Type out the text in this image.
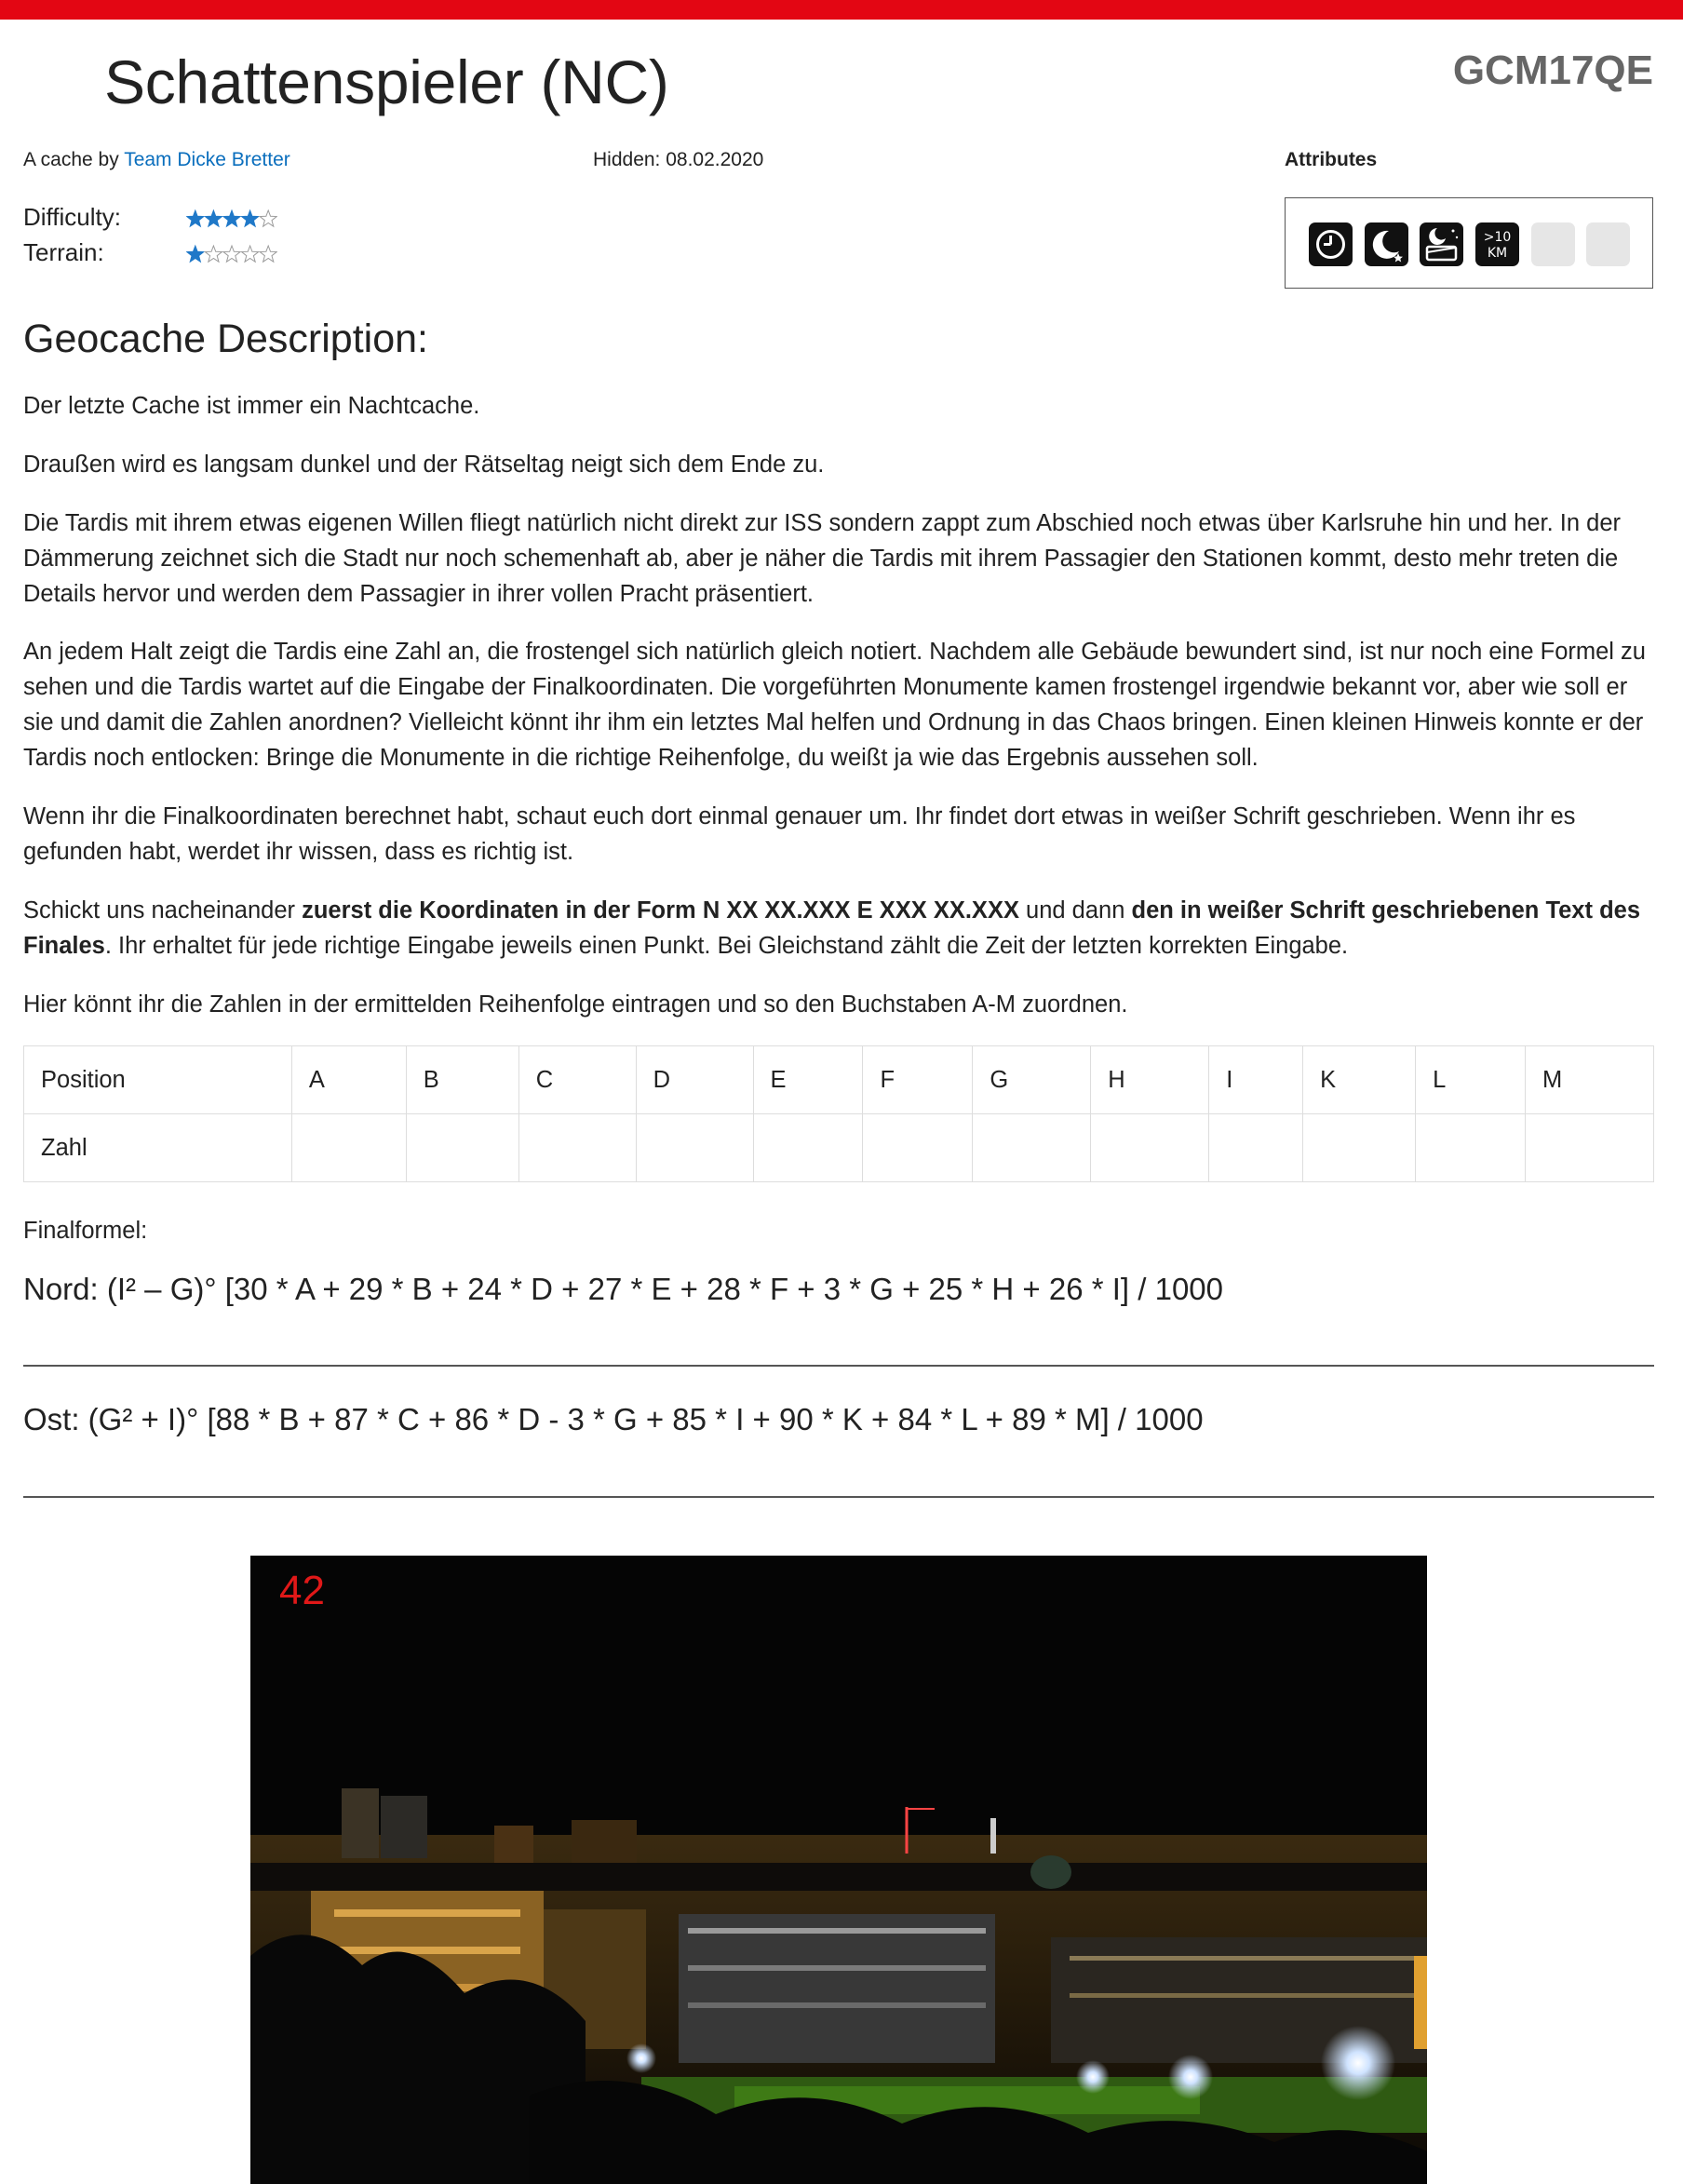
Schattenspieler (NC)	GCM17QE
A cache by Team Dicke Bretter	Hidden: 08.02.2020	Attributes
>10
KM
Difficulty:
Terrain:
Geocache Description:

Der letzte Cache ist immer ein Nachtcache.

Draußen wird es langsam dunkel und der Rätseltag neigt sich dem Ende zu.

Die Tardis mit ihrem etwas eigenen Willen fliegt natürlich nicht direkt zur ISS sondern zappt zum Abschied noch etwas über Karlsruhe hin und her. In der Dämmerung zeichnet sich die Stadt nur noch schemenhaft ab, aber je näher die Tardis mit ihrem Passagier den Stationen kommt, desto mehr treten die Details hervor und werden dem Passagier in ihrer vollen Pracht präsentiert.

An jedem Halt zeigt die Tardis eine Zahl an, die frostengel sich natürlich gleich notiert. Nachdem alle Gebäude bewundert sind, ist nur noch eine Formel zu sehen und die Tardis wartet auf die Eingabe der Finalkoordinaten. Die vorgeführten Monumente kamen frostengel irgendwie bekannt vor, aber wie soll er sie und damit die Zahlen anordnen? Vielleicht könnt ihr ihm ein letztes Mal helfen und Ordnung in das Chaos bringen. Einen kleinen Hinweis konnte er der Tardis noch entlocken: Bringe die Monumente in die richtige Reihenfolge, du weißt ja wie das Ergebnis aussehen soll.

Wenn ihr die Finalkoordinaten berechnet habt, schaut euch dort einmal genauer um. Ihr findet dort etwas in weißer Schrift geschrieben. Wenn ihr es gefunden habt, werdet ihr wissen, dass es richtig ist.

Schickt uns nacheinander zuerst die Koordinaten in der Form N XX XX.XXX E XXX XX.XXX und dann den in weißer Schrift geschriebenen Text des Finales. Ihr erhaltet für jede richtige Eingabe jeweils einen Punkt. Bei Gleichstand zählt die Zeit der letzten korrekten Eingabe.

Hier könnt ihr die Zahlen in der ermittelden Reihenfolge eintragen und so den Buchstaben A-M zuordnen.

Position	A	B	C	D	E	F	G	H	I	K	L	M
Zahl												
Finalformel:
Nord: (I² – G)° [30 * A + 29 * B + 24 * D + 27 * E + 28 * F + 3 * G + 25 * H + 26 * I] / 1000
Ost: (G² + I)° [88 * B + 87 * C + 86 * D - 3 * G + 85 * I + 90 * K + 84 * L + 89 * M] / 1000
42
